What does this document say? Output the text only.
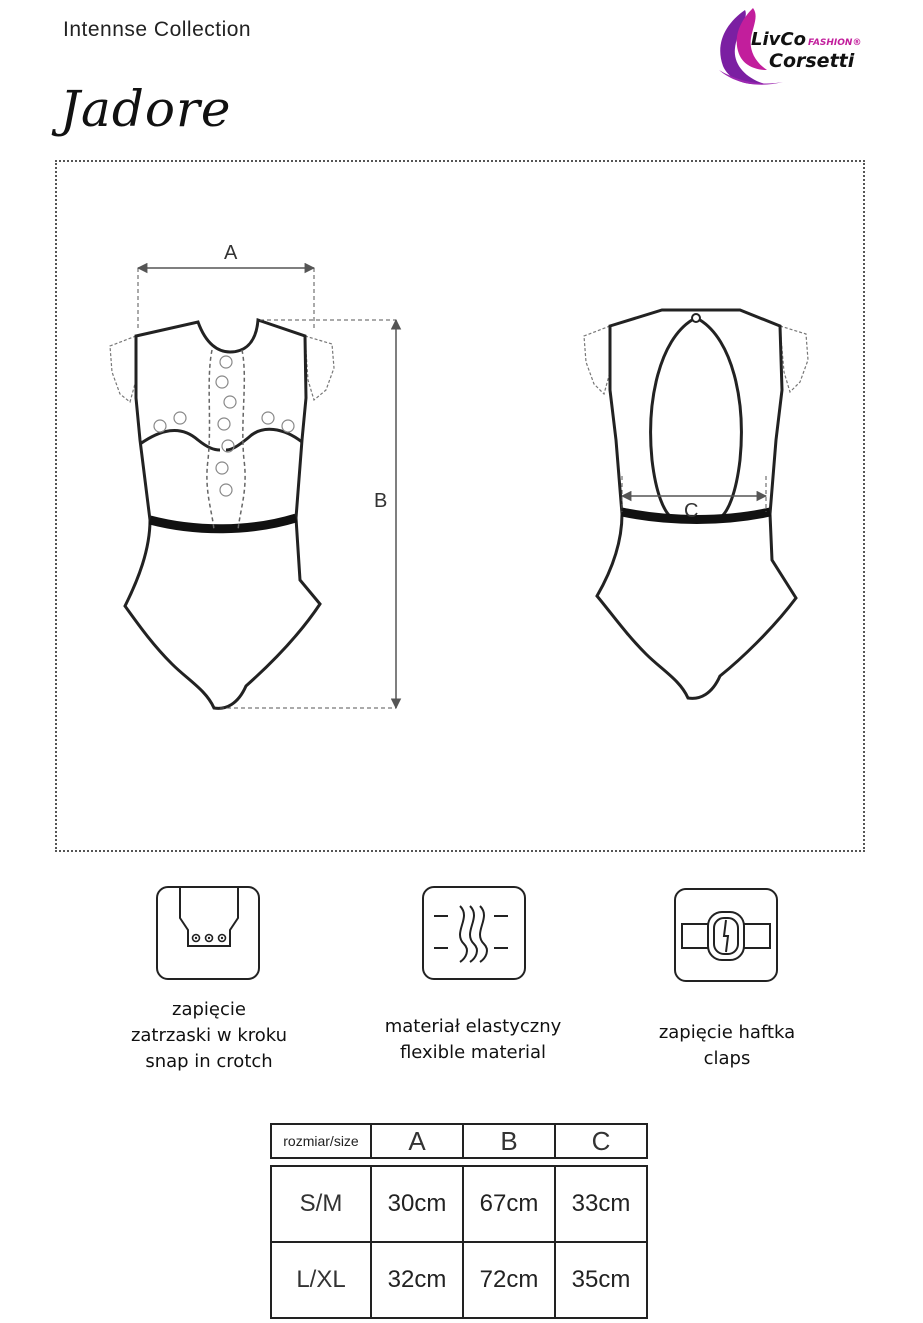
Intennse Collection
Jadore
LivCo FASHION®
Corsetti
A
B	C
zapięcie
zatrzaski w kroku
snap in crotch
materiał elastyczny
flexible material
zapięcie haftka
claps
rozmiar/size	A	B	C
S/M	30cm	67cm	33cm
L/XL	32cm	72cm	35cm
